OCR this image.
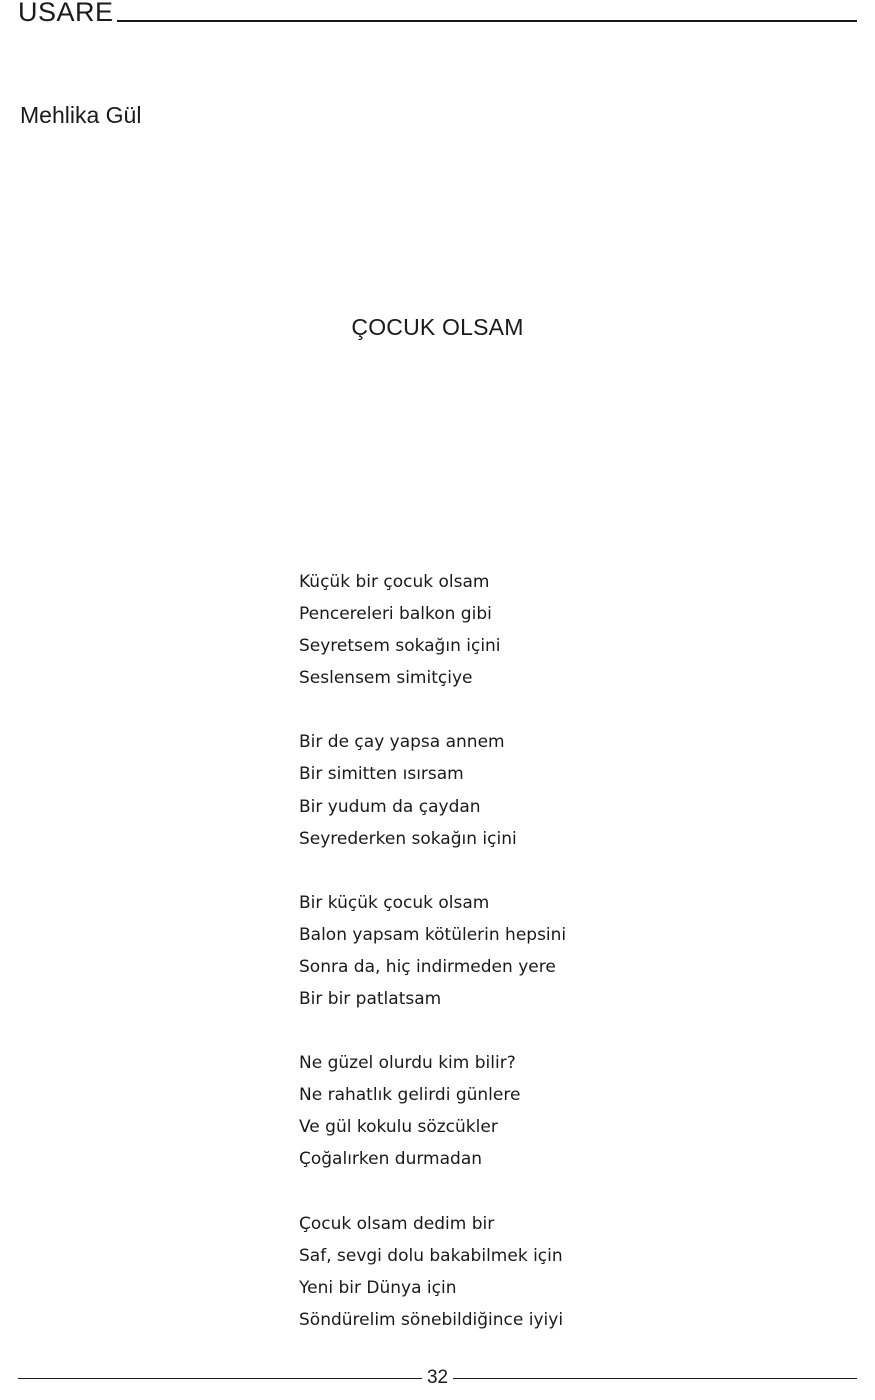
USARE
Mehlika Gül
ÇOCUK OLSAM
Küçük bir çocuk olsam
Pencereleri balkon gibi
Seyretsem sokağın içini
Seslensem simitçiye
Bir de çay yapsa annem
Bir simitten ısırsam
Bir yudum da çaydan
Seyrederken sokağın içini
Bir küçük çocuk olsam
Balon yapsam kötülerin hepsini
Sonra da, hiç indirmeden yere
Bir bir patlatsam
Ne güzel olurdu kim bilir?
Ne rahatlık gelirdi günlere
Ve gül kokulu sözcükler
Çoğalırken durmadan
Çocuk olsam dedim bir
Saf, sevgi dolu bakabilmek için
Yeni bir Dünya için
Söndürelim sönebildiğince iyiyi
32
